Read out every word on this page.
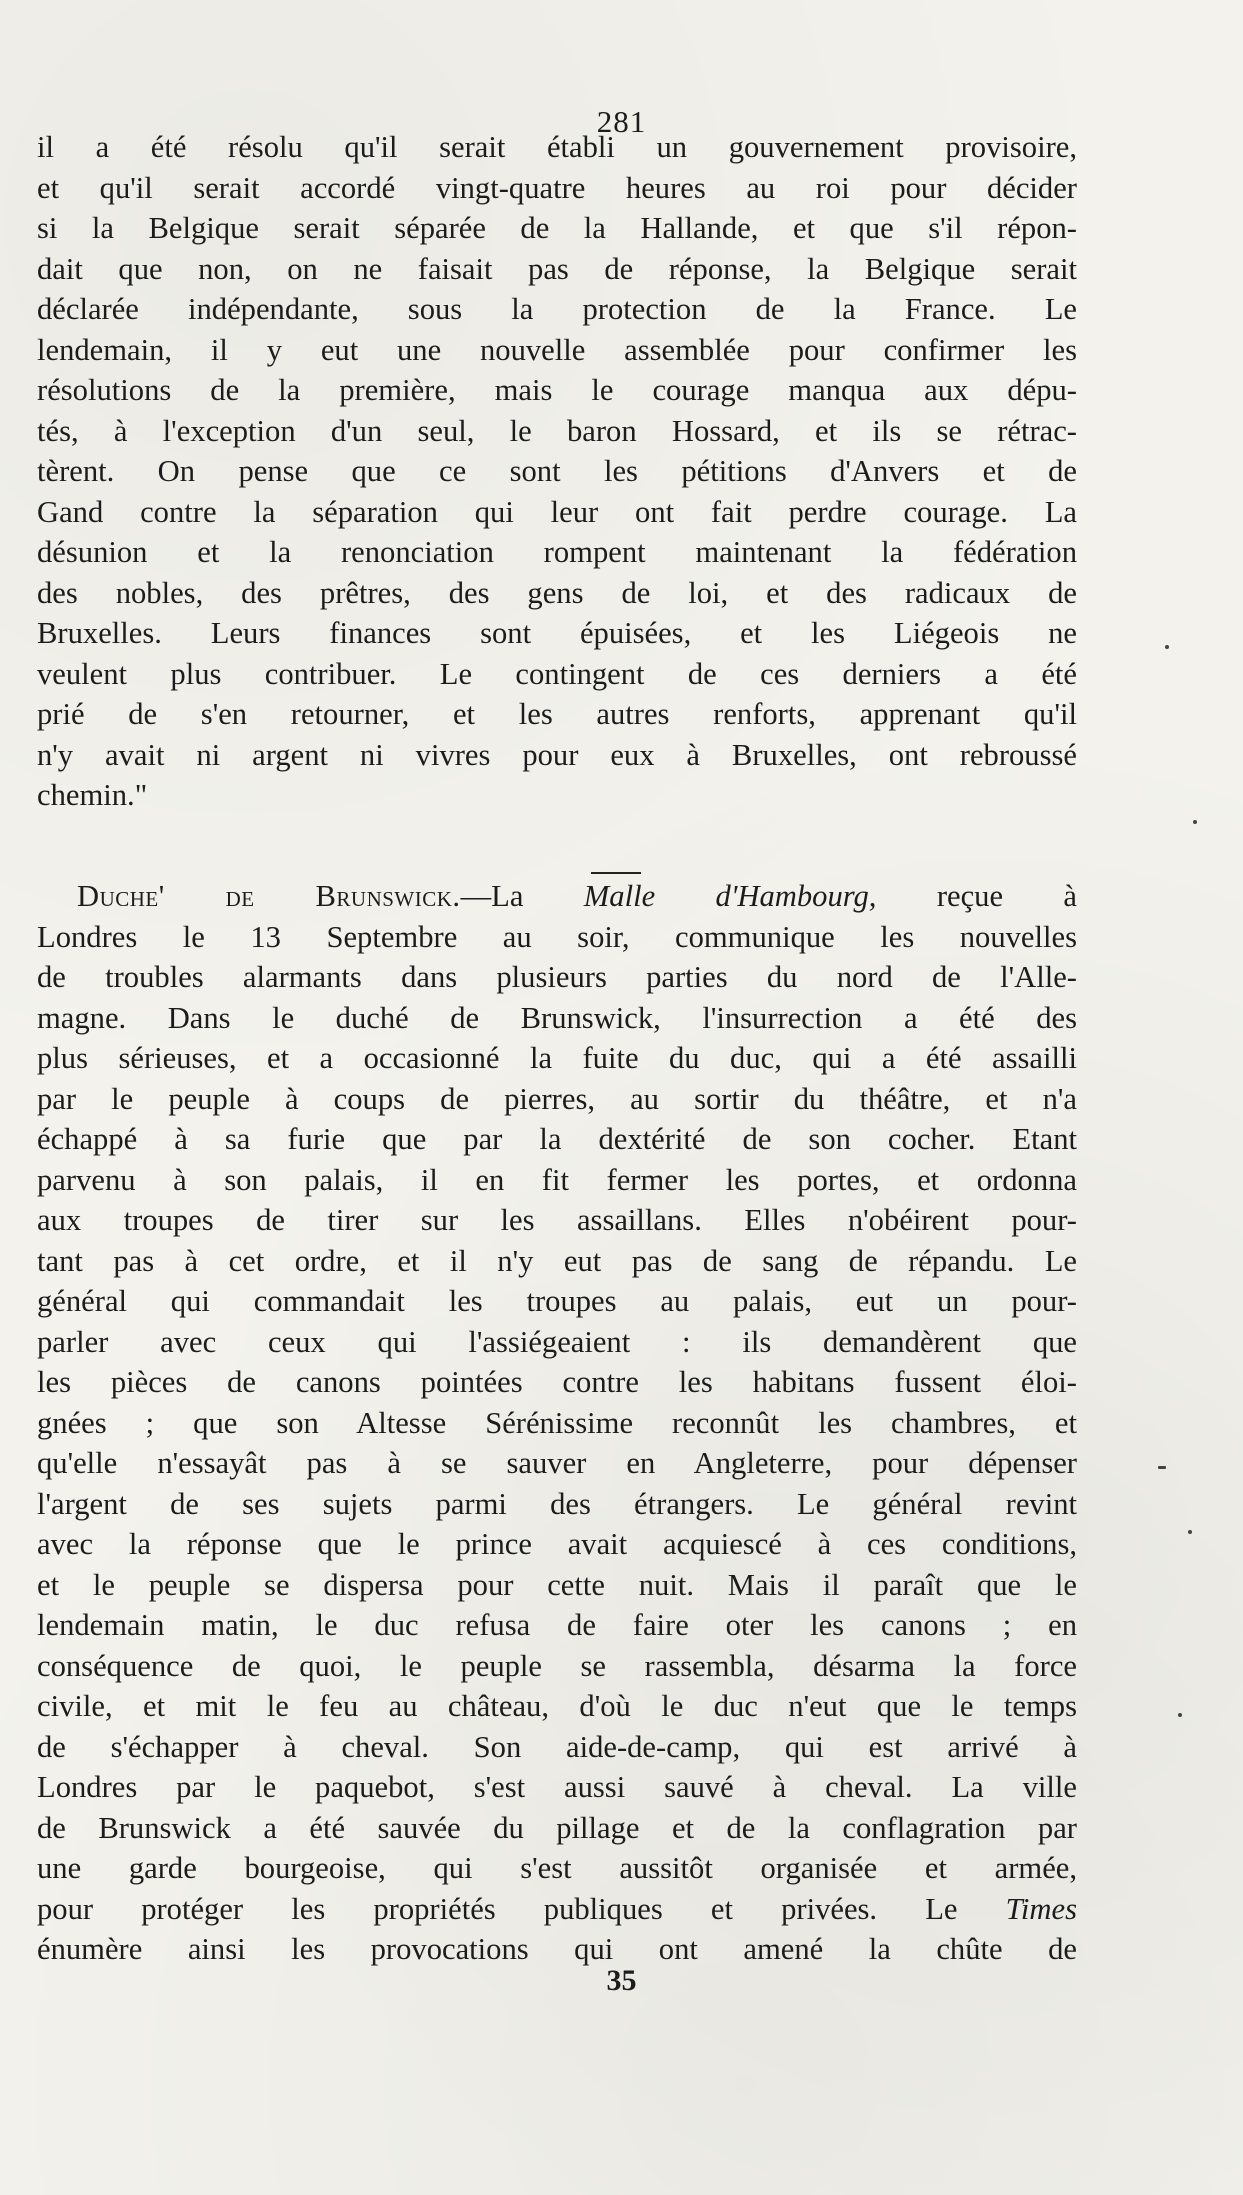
281
il a été résolu qu'il serait établi un gouvernement provisoire,
et qu'il serait accordé vingt-quatre heures au roi pour décider
si la Belgique serait séparée de la Hallande, et que s'il répon-
dait que non, on ne faisait pas de réponse, la Belgique serait
déclarée indépendante, sous la protection de la France. Le
lendemain, il y eut une nouvelle assemblée pour confirmer les
résolutions de la première, mais le courage manqua aux dépu-
tés, à l'exception d'un seul, le baron Hossard, et ils se rétrac-
tèrent. On pense que ce sont les pétitions d'Anvers et de
Gand contre la séparation qui leur ont fait perdre courage. La
désunion et la renonciation rompent maintenant la fédération
des nobles, des prêtres, des gens de loi, et des radicaux de
Bruxelles. Leurs finances sont épuisées, et les Liégeois ne
veulent plus contribuer. Le contingent de ces derniers a été
prié de s'en retourner, et les autres renforts, apprenant qu'il
n'y avait ni argent ni vivres pour eux à Bruxelles, ont rebroussé
chemin."
Duche' de Brunswick.—La Malle d'Hambourg, reçue à
Londres le 13 Septembre au soir, communique les nouvelles
de troubles alarmants dans plusieurs parties du nord de l'Alle-
magne. Dans le duché de Brunswick, l'insurrection a été des
plus sérieuses, et a occasionné la fuite du duc, qui a été assailli
par le peuple à coups de pierres, au sortir du théâtre, et n'a
échappé à sa furie que par la dextérité de son cocher. Etant
parvenu à son palais, il en fit fermer les portes, et ordonna
aux troupes de tirer sur les assaillans. Elles n'obéirent pour-
tant pas à cet ordre, et il n'y eut pas de sang de répandu. Le
général qui commandait les troupes au palais, eut un pour-
parler avec ceux qui l'assiégeaient : ils demandèrent que
les pièces de canons pointées contre les habitans fussent éloi-
gnées ; que son Altesse Sérénissime reconnût les chambres, et
qu'elle n'essayât pas à se sauver en Angleterre, pour dépenser
l'argent de ses sujets parmi des étrangers. Le général revint
avec la réponse que le prince avait acquiescé à ces conditions,
et le peuple se dispersa pour cette nuit. Mais il paraît que le
lendemain matin, le duc refusa de faire oter les canons ; en
conséquence de quoi, le peuple se rassembla, désarma la force
civile, et mit le feu au château, d'où le duc n'eut que le temps
de s'échapper à cheval. Son aide-de-camp, qui est arrivé à
Londres par le paquebot, s'est aussi sauvé à cheval. La ville
de Brunswick a été sauvée du pillage et de la conflagration par
une garde bourgeoise, qui s'est aussitôt organisée et armée,
pour protéger les propriétés publiques et privées. Le Times
énumère ainsi les provocations qui ont amené la chûte de
35
